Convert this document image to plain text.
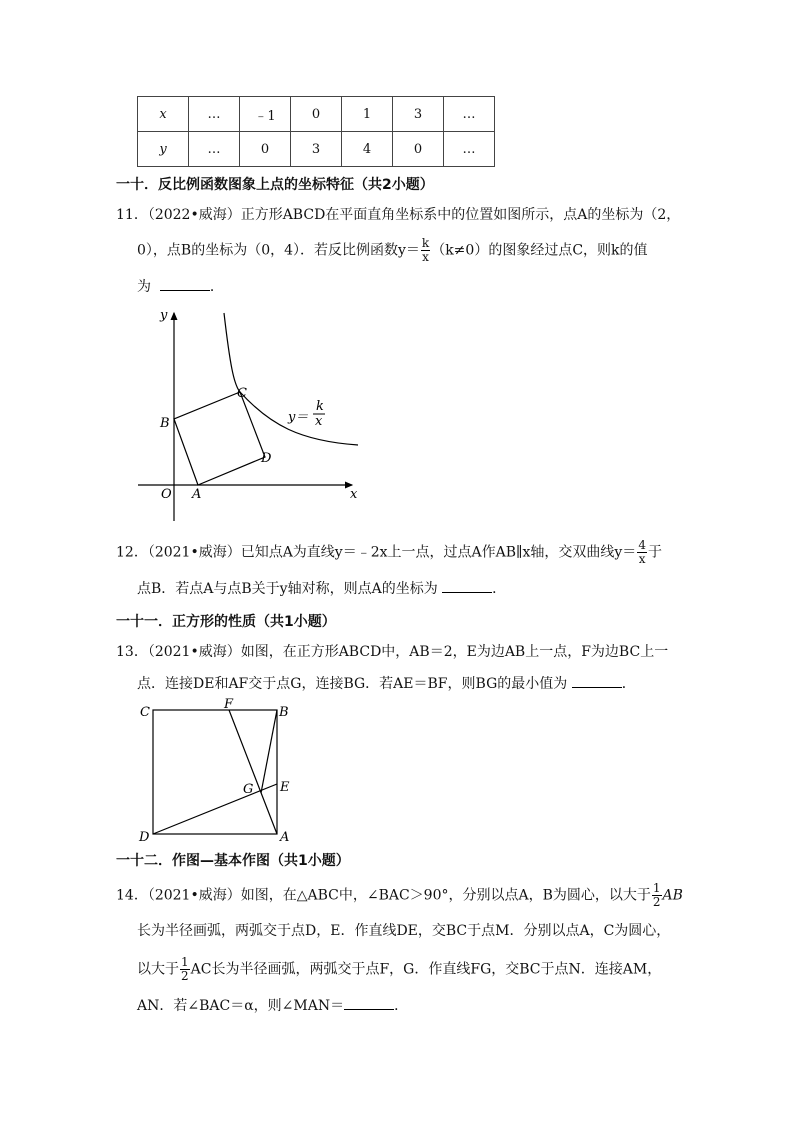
x	…	﹣1	0	1	3	…
y	…	0	3	4	0	…
一十．反比例函数图象上点的坐标特征（共2小题）
11．（2022•威海）正方形ABCD在平面直角坐标系中的位置如图所示，点A的坐标为（2，
0），点B的坐标为（0，4）．若反比例函数$y= \frac{k}{x} (k\ne 0)$的图象经过点C，则k的值
为	．
y
x
O A
B
C
D
y＝
k
x
12．（2021•威海）已知点A为直线y＝﹣2x上一点，过点A作AB∥x轴，交双曲线$y= \frac{4}{x}$ 于
点B．若点A与点B关于y轴对称，则点A的坐标为	．
一十一．正方形的性质（共1小题）
13．（2021•威海）如图，在正方形ABCD中，AB＝2，E为边AB上一点，F为边BC上一
点．连接DE和AF交于点G，连接BG．若AE＝BF，则BG的最小值为	．
C
F
B
E
G
D	A
一十二．作图—基本作图（共1小题）
14．（2021•威海）如图，在△ABC中，∠BAC＞90°，分别以点A，B为圆心，以大于 $\frac{1}{2}$ AB
长为半径画弧，两弧交于点D，E．作直线DE，交BC于点M．分别以点A，C为圆心，
以大于 $\frac{1}{2}$ AC长为半径画弧，两弧交于点F，G．作直线FG，交BC于点N．连接AM，
AN．若∠BAC＝α，则∠MAN＝	．
